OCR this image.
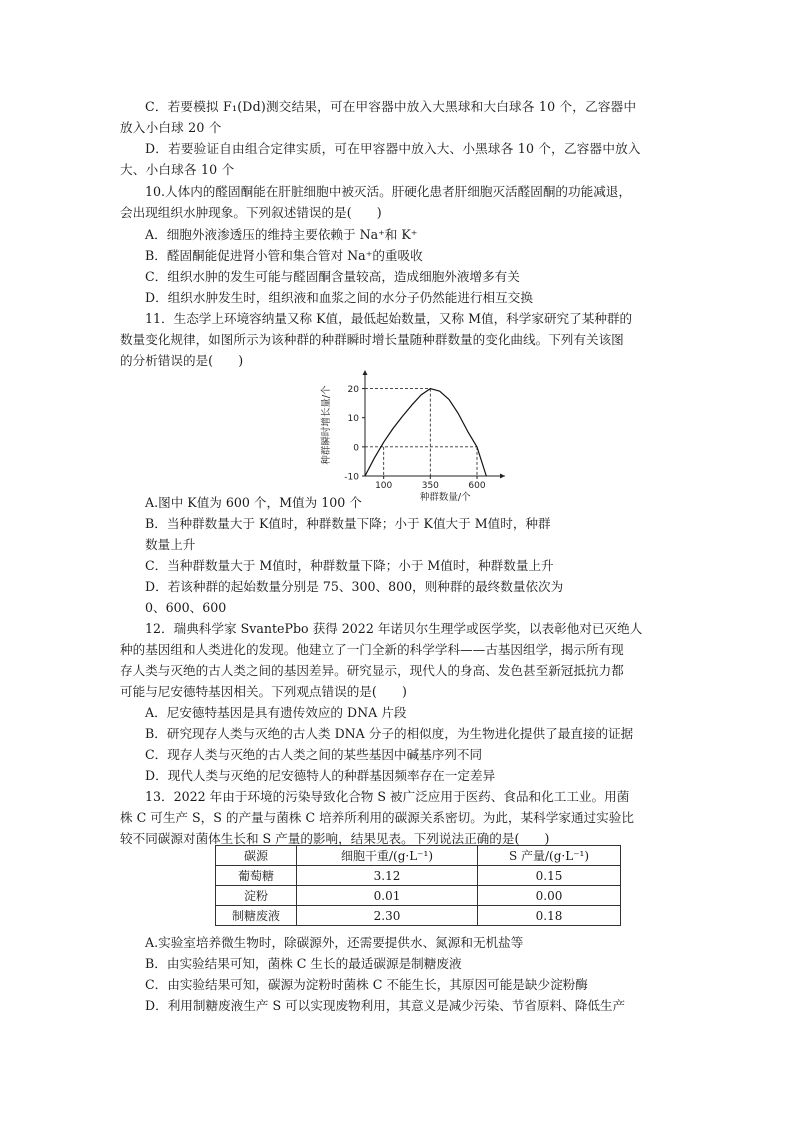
C．若要模拟 F₁(Dd)测交结果，可在甲容器中放入大黑球和大白球各 10 个，乙容器中
放入小白球 20 个
D．若要验证自由组合定律实质，可在甲容器中放入大、小黑球各 10 个，乙容器中放入
大、小白球各 10 个
10.人体内的醛固酮能在肝脏细胞中被灭活。肝硬化患者肝细胞灭活醛固酮的功能减退，
会出现组织水肿现象。下列叙述错误的是(　　)
A．细胞外液渗透压的维持主要依赖于 Na⁺和 K⁺
B．醛固酮能促进肾小管和集合管对 Na⁺的重吸收
C．组织水肿的发生可能与醛固酮含量较高，造成细胞外液增多有关
D．组织水肿发生时，组织液和血浆之间的水分子仍然能进行相互交换
11．生态学上环境容纳量又称 K值，最低起始数量，又称 M值，科学家研究了某种群的
数量变化规律，如图所示为该种群的种群瞬时增长量随种群数量的变化曲线。下列有关该图
的分析错误的是(　　)
-10
0
10
20
100	350	600
种群数量/个
种群瞬时增长量/个
A.图中 K值为 600 个，M值为 100 个
B．当种群数量大于 K值时，种群数量下降；小于 K值大于 M值时，种群
数量上升
C．当种群数量大于 M值时，种群数量下降；小于 M值时，种群数量上升
D．若该种群的起始数量分别是 75、300、800，则种群的最终数量依次为
0、600、600
12．瑞典科学家 SvantePbo 获得 2022 年诺贝尔生理学或医学奖，以表彰他对已灭绝人
种的基因组和人类进化的发现。他建立了一门全新的科学学科——古基因组学，揭示所有现
存人类与灭绝的古人类之间的基因差异。研究显示，现代人的身高、发色甚至新冠抵抗力都
可能与尼安德特基因相关。下列观点错误的是(　　)
A．尼安德特基因是具有遗传效应的 DNA 片段
B．研究现存人类与灭绝的古人类 DNA 分子的相似度，为生物进化提供了最直接的证据
C．现存人类与灭绝的古人类之间的某些基因中碱基序列不同
D．现代人类与灭绝的尼安德特人的种群基因频率存在一定差异
13．2022 年由于环境的污染导致化合物 S 被广泛应用于医药、食品和化工工业。用菌
株 C 可生产 S，S 的产量与菌株 C 培养所利用的碳源关系密切。为此，某科学家通过实验比
较不同碳源对菌体生长和 S 产量的影响，结果见表。下列说法正确的是(　　)
碳源	细胞干重/(g·L⁻¹)	S 产量/(g·L⁻¹)
葡萄糖	3.12	0.15
淀粉	0.01	0.00
制糖废液	2.30	0.18
A.实验室培养微生物时，除碳源外，还需要提供水、氮源和无机盐等
B．由实验结果可知，菌株 C 生长的最适碳源是制糖废液
C．由实验结果可知，碳源为淀粉时菌株 C 不能生长，其原因可能是缺少淀粉酶
D．利用制糖废液生产 S 可以实现废物利用，其意义是减少污染、节省原料、降低生产
